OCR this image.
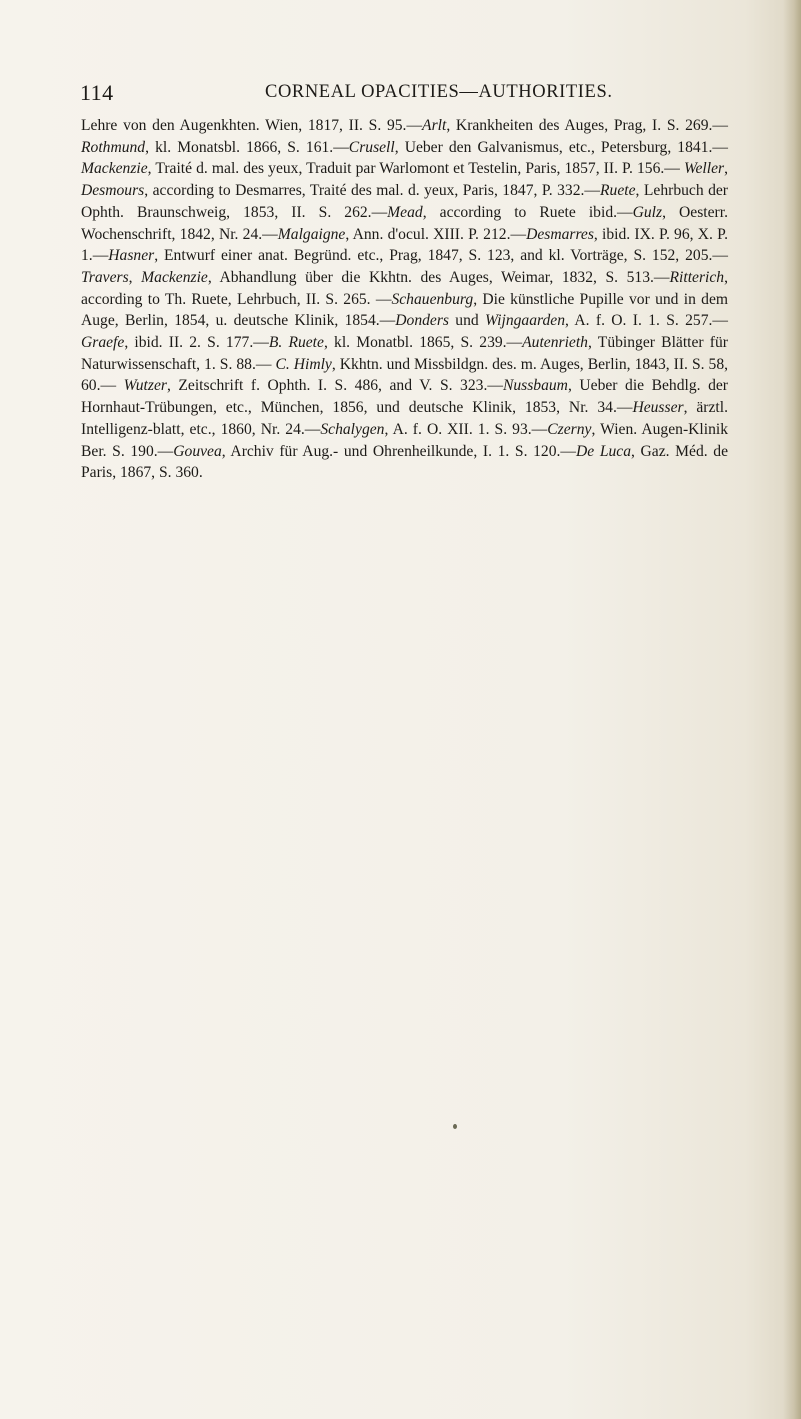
114	CORNEAL OPACITIES—AUTHORITIES.
Lehre von den Augenkhten. Wien, 1817, II. S. 95.—Arlt, Krankheiten des Auges, Prag, I. S. 269.—Rothmund, kl. Monatsbl. 1866, S. 161.—Crusell, Ueber den Galvanismus, etc., Petersburg, 1841.—Mackenzie, Traité d. mal. des yeux, Traduit par Warlomont et Testelin, Paris, 1857, II. P. 156.— Weller, Desmours, according to Desmarres, Traité des mal. d. yeux, Paris, 1847, P. 332.—Ruete, Lehrbuch der Ophth. Braunschweig, 1853, II. S. 262.—Mead, according to Ruete ibid.—Gulz, Oesterr. Wochenschrift, 1842, Nr. 24.—Malgaigne, Ann. d'ocul. XIII. P. 212.—Desmarres, ibid. IX. P. 96, X. P. 1.—Hasner, Entwurf einer anat. Begründ. etc., Prag, 1847, S. 123, and kl. Vorträge, S. 152, 205.—Travers, Mackenzie, Abhandlung über die Kkhtn. des Auges, Weimar, 1832, S. 513.—Ritterich, according to Th. Ruete, Lehrbuch, II. S. 265. —Schauenburg, Die künstliche Pupille vor und in dem Auge, Berlin, 1854, u. deutsche Klinik, 1854.—Donders und Wijngaarden, A. f. O. I. 1. S. 257.—Graefe, ibid. II. 2. S. 177.—B. Ruete, kl. Monatbl. 1865, S. 239.—Autenrieth, Tübinger Blätter für Naturwissenschaft, 1. S. 88.— C. Himly, Kkhtn. und Missbildgn. des. m. Auges, Berlin, 1843, II. S. 58, 60.— Wutzer, Zeitschrift f. Ophth. I. S. 486, and V. S. 323.—Nussbaum, Ueber die Behdlg. der Hornhaut-Trübungen, etc., München, 1856, und deutsche Klinik, 1853, Nr. 34.—Heusser, ärztl. Intelligenz-blatt, etc., 1860, Nr. 24.—Schalygen, A. f. O. XII. 1. S. 93.—Czerny, Wien. Augen-Klinik Ber. S. 190.—Gouvea, Archiv für Aug.- und Ohrenheilkunde, I. 1. S. 120.—De Luca, Gaz. Méd. de Paris, 1867, S. 360.
